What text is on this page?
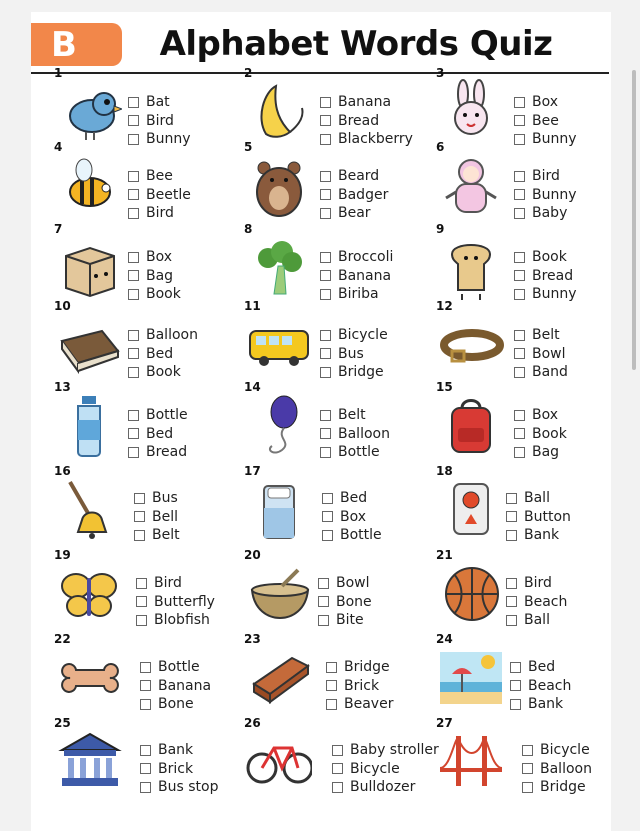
B	Alphabet Words Quiz
1
Bat
Bird
Bunny
2
Banana
Bread
Blackberry
3
Box
Bee
Bunny
4
Bee
Beetle
Bird
5
Beard
Badger
Bear
6
Bird
Bunny
Baby
7
Box
Bag
Book
8
Broccoli
Banana
Biriba
9
Book
Bread
Bunny
10
Balloon
Bed
Book
11
Bicycle
Bus
Bridge
12
Belt
Bowl
Band
13
Bottle
Bed
Bread
14
Belt
Balloon
Bottle
15
Box
Book
Bag
16
Bus
Bell
Belt
17
Bed
Box
Bottle
18
Ball
Button
Bank
19
Bird
Butterfly
Blobfish
20
Bowl
Bone
Bite
21
Bird
Beach
Ball
22
Bottle
Banana
Bone
23
Bridge
Brick
Beaver
24
Bed
Beach
Bank
25
Bank
Brick
Bus stop
26
Baby stroller
Bicycle
Bulldozer
27
Bicycle
Balloon
Bridge
